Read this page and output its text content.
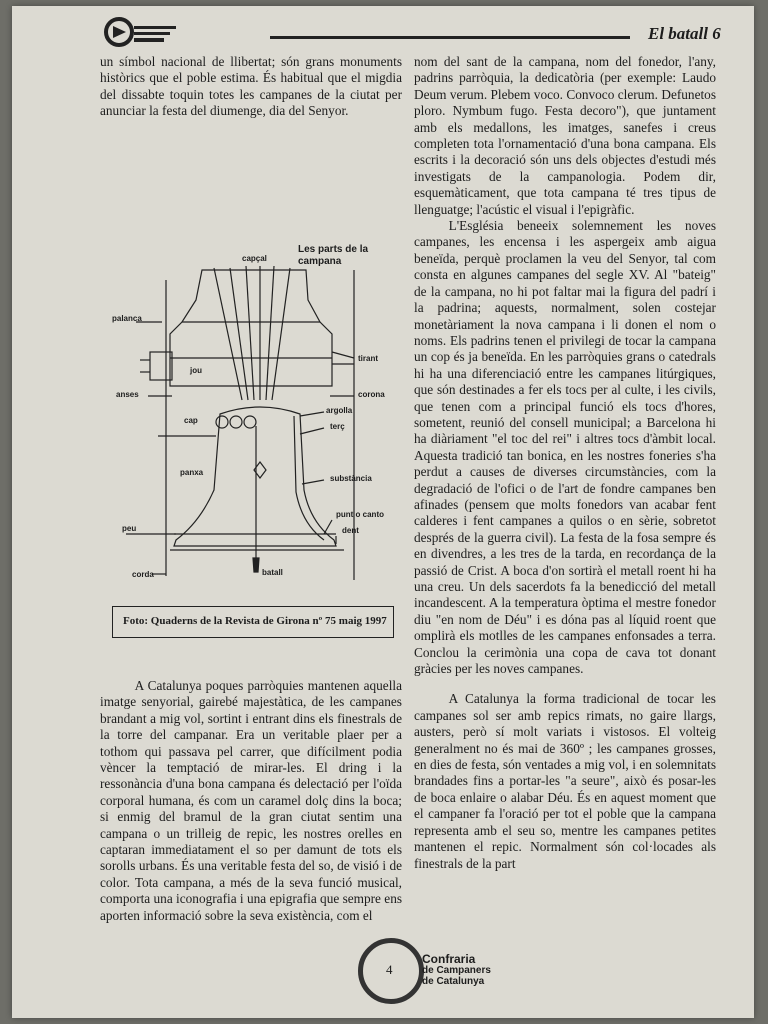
El batall 6

un símbol nacional de llibertat; són grans monuments històrics que el poble estima. És habitual que el migdia del dissabte toquin totes les campanes de la ciutat per anunciar la festa del diumenge, dia del Senyor.

Les parts de la campana
capçal
palanca
jou
anses
cap
panxa
peu
corda
tirant
corona
argolla
terç
substància
punt o canto
dent
batall
Foto: Quaderns de la Revista de Girona nº 75 maig 1997

A Catalunya poques parròquies mantenen aquella imatge senyorial, gairebé majestàtica, de les campanes brandant a mig vol, sortint i entrant dins els finestrals de la torre del campanar. Era un veritable plaer per a tothom qui passava pel carrer, que difícilment podia vèncer la temptació de mirar-les. El dring i la ressonància d'una bona campana és delectació per l'oïda corporal humana, és com un caramel dolç dins la boca; si enmig del bramul de la gran ciutat sentim una campana o un trilleig de repic, les nostres orelles en captaran immediatament el so per damunt de tots els sorolls urbans. És una veritable festa del so, de visió i de color. Tota campana, a més de la seva funció musical, comporta una iconografia i una epigrafia que sempre ens aporten informació sobre la seva existència, com el

nom del sant de la campana, nom del fonedor, l'any, padrins parròquia, la dedicatòria (per exemple: Laudo Deum verum. Plebem voco. Convoco clerum. Defunetos ploro. Nymbum fugo. Festa decoro"), que juntament amb els medallons, les imatges, sanefes i creus completen tota l'ornamentació d'una bona campana. Els escrits i la decoració són uns dels objectes d'estudi més investigats de la campanologia. Podem dir, esquemàticament, que tota campana té tres tipus de llenguatge; l'acústic el visual i l'epigràfic.

L'Església beneeix solemnement les noves campanes, les encensa i les aspergeix amb aigua beneïda, perquè proclamen la veu del Senyor, tal com consta en algunes campanes del segle XV. Al "bateig" de la campana, no hi pot faltar mai la figura del padrí i la padrina; aquests, normalment, solen costejar monetàriament la nova campana i li donen el nom o noms. Els padrins tenen el privilegi de tocar la campana un cop és ja beneïda. En les parròquies grans o catedrals hi ha una diferenciació entre les campanes litúrgiques, que són destinades a fer els tocs per al culte, i les civils, que tenen com a principal funció els tocs d'hores, sometent, reunió del consell municipal; a Barcelona hi ha diàriament "el toc del rei" i altres tocs d'àmbit local. Aquesta tradició tan bonica, en les nostres foneries s'ha perdut a causes de diverses circumstàncies, com la degradació de l'ofici o de l'art de fondre campanes ben afinades (pensem que molts fonedors van acabar fent calderes i fent campanes a quilos o en sèrie, sobretot després de la guerra civil). La festa de la fosa sempre és en divendres, a les tres de la tarda, en recordança de la passió de Crist. A boca d'on sortirà el metall roent hi ha una creu. Un dels sacerdots fa la benedicció del metall incandescent. A la temperatura òptima el mestre fonedor diu "en nom de Déu" i es dóna pas al líquid roent que omplirà els motlles de les campanes enfonsades a terra. Conclou la cerimònia una copa de cava tot donant gràcies per les noves campanes.

A Catalunya la forma tradicional de tocar les campanes sol ser amb repics rimats, no gaire llargs, austers, però sí molt variats i vistosos. El volteig generalment no és mai de 360º ; les campanes grosses, en dies de festa, són ventades a mig vol, i en solemnitats brandades fins a portar-les "a seure", això és posar-les de boca enlaire o alabar Déu. És en aquest moment que el campaner fa l'oració per tot el poble que la campana representa amb el seu so, mentre les campanes petites mantenen el repic. Normalment són col·locades als finestrals de la part

4
Confraria
de Campaners
de Catalunya
